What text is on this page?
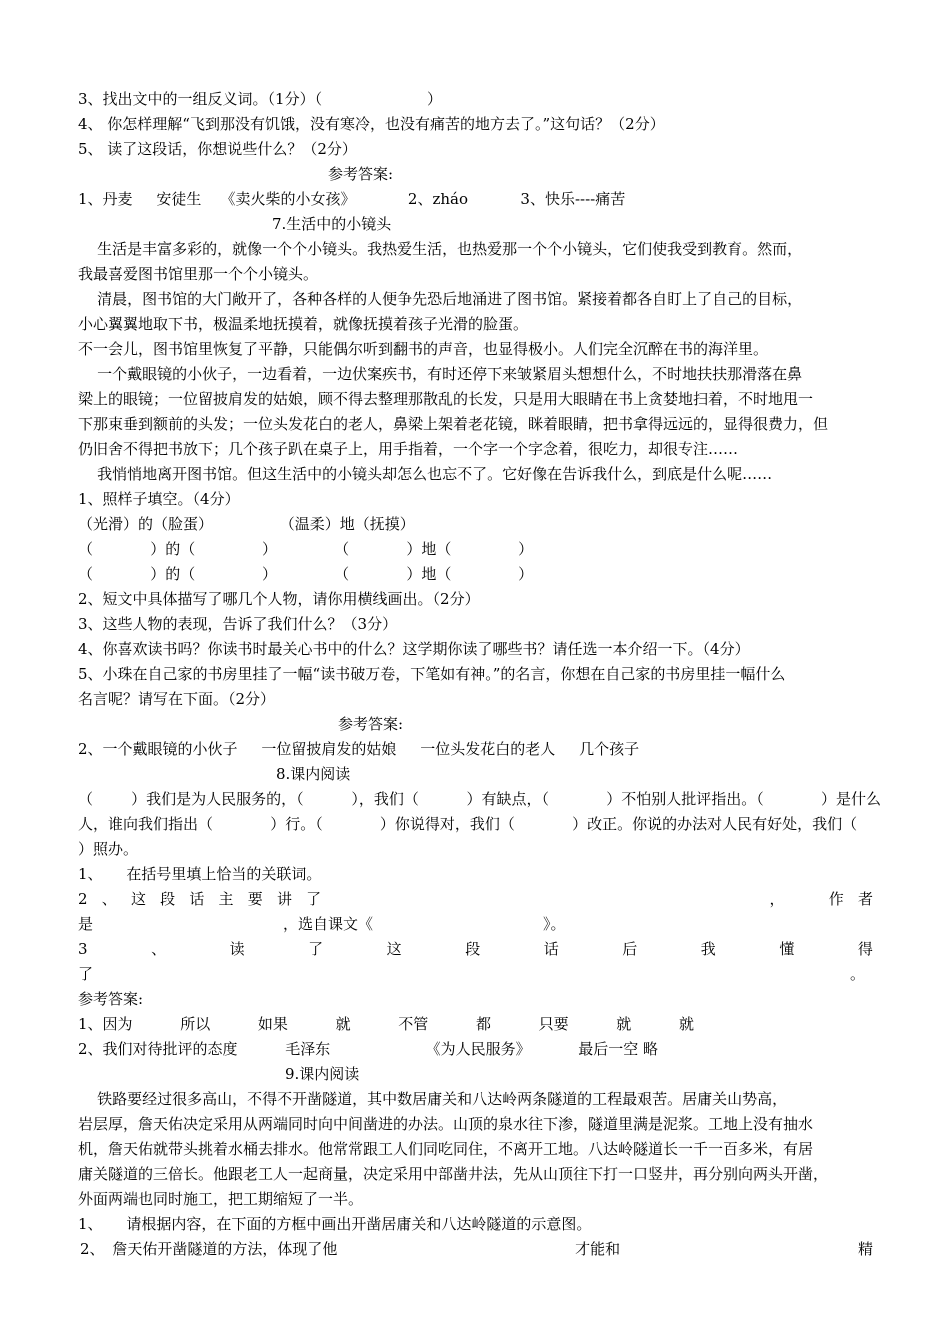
3、找出文中的一组反义词。（1分）（                      ）
4、 你怎样理解“飞到那没有饥饿，没有寒冷，也没有痛苦的地方去了。”这句话？（2分）
5、 读了这段话，你想说些什么？（2分）
参考答案:
1、丹麦     安徒生    《卖火柴的小女孩》           2、zháo           3、快乐----痛苦
7.生活中的小镜头
生活是丰富多彩的，就像一个个小镜头。我热爱生活，也热爱那一个个小镜头，它们使我受到教育。然而，
我最喜爱图书馆里那一个个小镜头。
清晨，图书馆的大门敞开了，各种各样的人便争先恐后地涌进了图书馆。紧接着都各自盯上了自己的目标，
小心翼翼地取下书，极温柔地抚摸着，就像抚摸着孩子光滑的脸蛋。
不一会儿，图书馆里恢复了平静，只能偶尔听到翻书的声音，也显得极小。人们完全沉醉在书的海洋里。
一个戴眼镜的小伙子，一边看着，一边伏案疾书，有时还停下来皱紧眉头想想什么，不时地扶扶那滑落在鼻
梁上的眼镜；一位留披肩发的姑娘，顾不得去整理那散乱的长发，只是用大眼睛在书上贪婪地扫着，不时地甩一
下那束垂到额前的头发；一位头发花白的老人，鼻梁上架着老花镜，眯着眼睛，把书拿得远远的，显得很费力，但
仍旧舍不得把书放下；几个孩子趴在桌子上，用手指着，一个字一个字念着，很吃力，却很专注……
我悄悄地离开图书馆。但这生活中的小镜头却怎么也忘不了。它好像在告诉我什么，到底是什么呢……
1、照样子填空。（4分）
（光滑）的（脸蛋）              （温柔）地（抚摸）
（            ）的（              ）            （            ）地（              ）
（            ）的（              ）            （            ）地（              ）
2、短文中具体描写了哪几个人物，请你用横线画出。（2分）
3、这些人物的表现，告诉了我们什么？（3分）
4、你喜欢读书吗？你读书时最关心书中的什么？这学期你读了哪些书？请任选一本介绍一下。（4分）
5、小珠在自己家的书房里挂了一幅“读书破万卷，下笔如有神。”的名言，你想在自己家的书房里挂一幅什么
名言呢？请写在下面。（2分）
参考答案:
2、一个戴眼镜的小伙子     一位留披肩发的姑娘     一位头发花白的老人     几个孩子
8.课内阅读
（        ）我们是为人民服务的，（          ），我们（          ）有缺点，（            ）不怕别人批评指出。（            ）是什么
人，谁向我们指出（            ）行。（            ）你说得对，我们（            ）改正。你说的办法对人民有好处，我们（
）照办。
1、     在括号里填上恰当的关联词。
2 、 这 段 话 主 要 讲 了
	，	作 者
是	，选自课文《	》。
3	、	读	了	这	段	话	后	我	懂	得
了	。
参考答案:
1、因为          所以          如果          就          不管          都          只要          就          就
2、我们对待批评的态度          毛泽东                    《为人民服务》          最后一空 略
9.课内阅读
铁路要经过很多高山，不得不开凿隧道，其中数居庸关和八达岭两条隧道的工程最艰苦。居庸关山势高，
岩层厚，詹天佑决定采用从两端同时向中间凿进的办法。山顶的泉水往下渗，隧道里满是泥浆。工地上没有抽水
机，詹天佑就带头挑着水桶去排水。他常常跟工人们同吃同住，不离开工地。八达岭隧道长一千一百多米，有居
庸关隧道的三倍长。他跟老工人一起商量，决定采用中部凿井法，先从山顶往下打一口竖井，再分别向两头开凿，
外面两端也同时施工，把工期缩短了一半。
1、     请根据内容，在下面的方框中画出开凿居庸关和八达岭隧道的示意图。
2、 詹天佑开凿隧道的方法，体现了他	才能和	精
